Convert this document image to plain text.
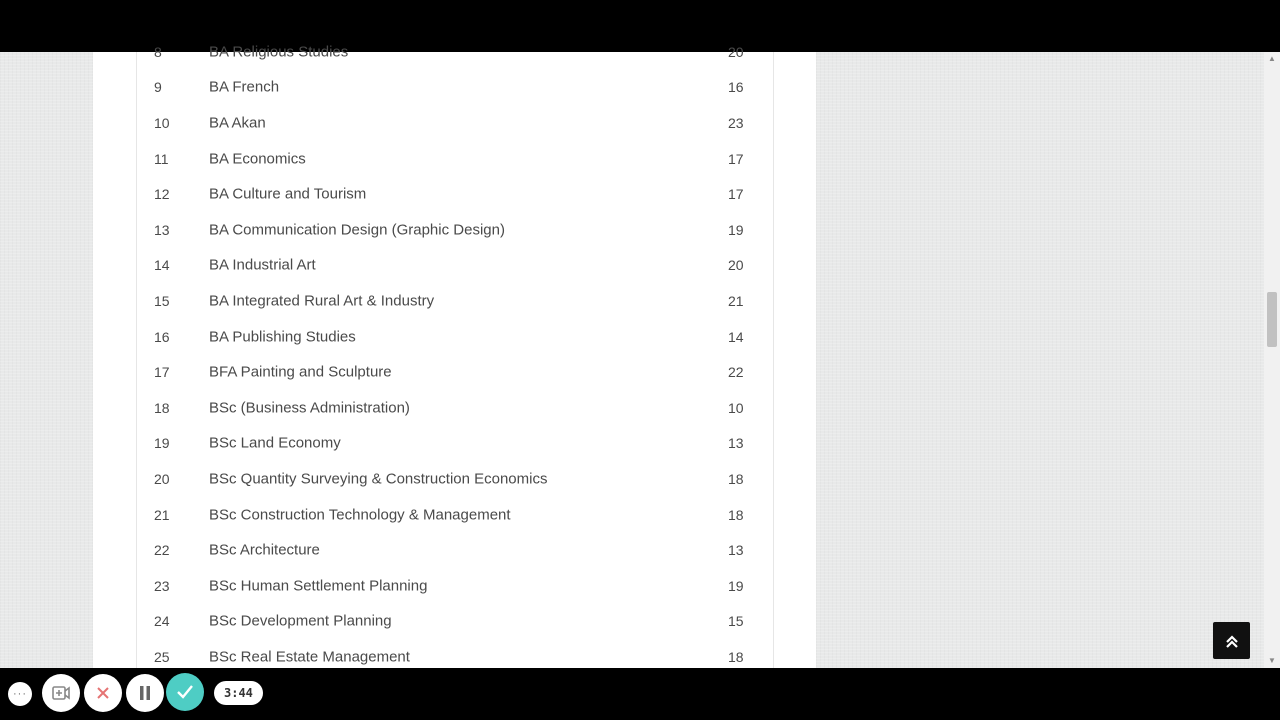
8	BA Religious Studies	20
9	BA French	16
10	BA Akan	23
11	BA Economics	17
12	BA Culture and Tourism	17
13	BA Communication Design (Graphic Design)	19
14	BA Industrial Art	20
15	BA Integrated Rural Art & Industry	21
16	BA Publishing Studies	14
17	BFA Painting and Sculpture	22
18	BSc (Business Administration)	10
19	BSc Land Economy	13
20	BSc Quantity Surveying & Construction Economics	18
21	BSc Construction Technology & Management	18
22	BSc Architecture	13
23	BSc Human Settlement Planning	19
24	BSc Development Planning	15
25	BSc Real Estate Management	18
▲
▼
···	3:44
